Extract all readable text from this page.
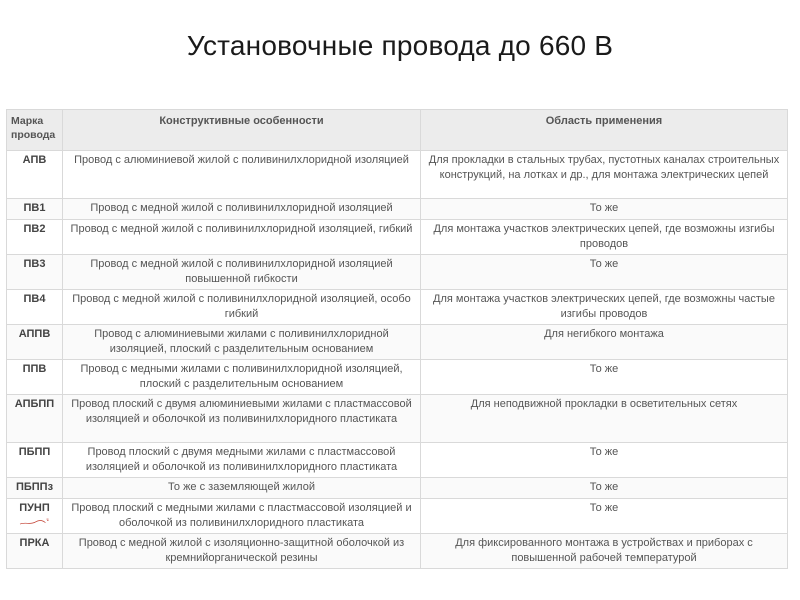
Установочные провода до 660 В
Марка провода	Конструктивные особенности	Область применения
АПВ	Провод с алюминиевой жилой с поливинилхлоридной изоляцией	Для прокладки в стальных трубах, пустотных каналах строительных конструкций, на лотках и др., для монтажа электрических цепей
ПВ1	Провод с медной жилой с поливинилхлоридной изоляцией	То же
ПВ2	Провод с медной жилой с поливинилхлоридной изоляцией, гибкий	Для монтажа участков электрических цепей, где возможны изгибы проводов
ПВ3	Провод с медной жилой с поливинилхлоридной изоляцией повышенной гибкости	То же
ПВ4	Провод с медной жилой с поливинилхлоридной изоляцией, особо гибкий	Для монтажа участков электрических цепей, где возможны частые изгибы проводов
АППВ	Провод с алюминиевыми жилами с поливинилхлоридной изоляцией, плоский с разделительным основанием	Для негибкого монтажа
ППВ	Провод с медными жилами с поливинилхлоридной изоляцией, плоский с разделительным основанием	То же
АПБПП	Провод плоский с двумя алюминиевыми жилами с пластмассовой изоляцией и оболочкой из поливинилхлоридного пластиката	Для неподвижной прокладки в осветительных сетях
ПБПП	Провод плоский с двумя медными жилами с пластмассовой изоляцией и оболочкой из поливинилхлоридного пластиката	То же
ПБППз	То же с заземляющей жилой	То же
ПУНП	Провод плоский с медными жилами с пластмассовой изоляцией и оболочкой из поливинилхлоридного пластиката	То же
ПРКА	Провод с медной жилой с изоляционно-защитной оболочкой из кремнийорганической резины	Для фиксированного монтажа в устройствах и приборах с повышенной рабочей температурой
